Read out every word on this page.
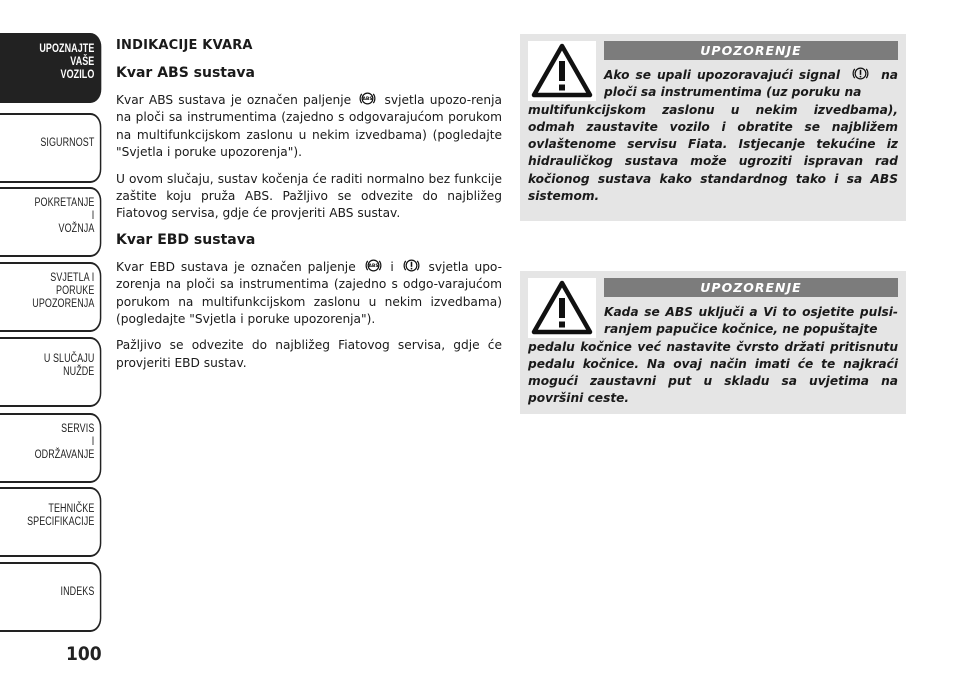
UPOZNAJTE
VAŠE
VOZILO
SIGURNOST
POKRETANJE
I
VOŽNJA
SVJETLA I
PORUKE
UPOZORENJA
U SLUČAJU
NUŽDE
SERVIS
I
ODRŽAVANJE
TEHNIČKE
SPECIFIKACIJE
INDEKS
100
INDIKACIJE KVARA
Kvar ABS sustava

Kvar ABS sustava je označen paljenje ABS svjetla upozo-renja na ploči sa instrumentima (zajedno s odgovarajućom porukom na multifunkcijskom zaslonu u nekim izvedbama) (pogledajte "Svjetla i poruke upozorenja").

U ovom slučaju, sustav kočenja će raditi normalno bez funkcije zaštite koju pruža ABS. Pažljivo se odvezite do najbližeg Fiatovog servisa, gdje će provjeriti ABS sustav.

Kvar EBD sustava

Kvar EBD sustava je označen paljenje ABS i	svjetla upo-zorenja na ploči sa instrumentima (zajedno s odgo-varajućom porukom na multifunkcijskom zaslonu u nekim izvedbama) (pogledajte "Svjetla i poruke upozorenja").

Pažljivo se odvezite do najbližeg Fiatovog servisa, gdje će provjeriti EBD sustav.

UPOZORENJE
Ako se upali upozoravajući signal	na ploči sa instrumentima (uz poruku na
multifunkcijskom zaslonu u nekim izvedbama), odmah zaustavite vozilo i obratite se najbližem ovlaštenome servisu Fiata. Istjecanje tekućine iz hidrauličkog sustava može ugroziti ispravan rad kočionog sustava kako standardnog tako i sa ABS sistemom.
UPOZORENJE
Kada se ABS uključi a Vi to osjetite pulsi-ranjem papučice kočnice, ne popuštajte
pedalu kočnice već nastavite čvrsto držati pritisnutu pedalu kočnice. Na ovaj način imati će te najkraći mogući zaustavni put u skladu sa uvjetima na površini ceste.
